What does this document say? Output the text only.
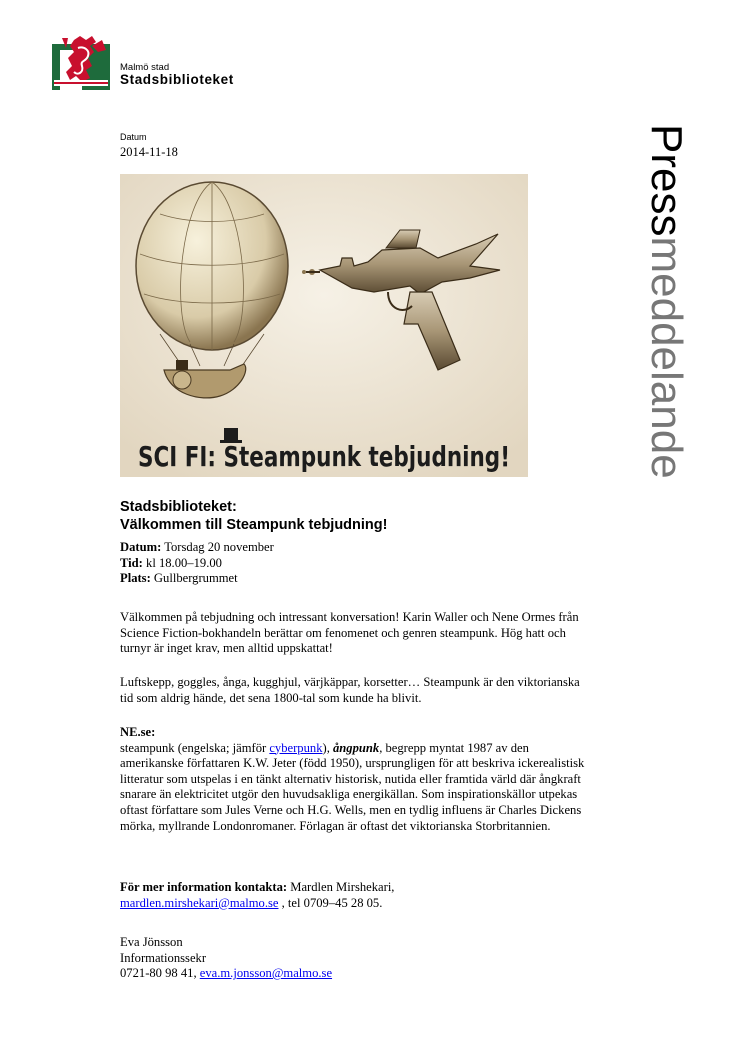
Malmö stad
Stadsbiblioteket
Datum
2014-11-18	Pressmeddelande
SCI FI: Steampunk tebjudning!
Stadsbiblioteket:
Välkommen till Steampunk tebjudning!

Datum: Torsdag 20 november

Tid: kl 18.00–19.00

Plats: Gullbergrummet

Välkommen på tebjudning och intressant konversation! Karin Waller och Nene Ormes från Science Fiction-bokhandeln berättar om fenomenet och genren steampunk. Hög hatt och turnyr är inget krav, men alltid uppskattat!
Luftskepp, goggles, ånga, kugghjul, värjkäppar, korsetter… Steampunk är den viktorianska tid som aldrig hände, det sena 1800-tal som kunde ha blivit.

NE.se:

steampunk (engelska; jämför cyberpunk), ångpunk, begrepp myntat 1987 av den amerikanske författaren K.W. Jeter (född 1950), ursprungligen för att beskriva ickerealistisk litteratur som utspelas i en tänkt alternativ historisk, nutida eller framtida värld där ångkraft snarare än elektricitet utgör den huvudsakliga energikällan. Som inspirationskällor utpekas oftast författare som Jules Verne och H.G. Wells, men en tydlig influens är Charles Dickens mörka, myllrande Londonromaner. Förlagan är oftast det viktorianska Storbritannien.

För mer information kontakta: Mardlen Mirshekari,

mardlen.mirshekari@malmo.se , tel 0709–45 28 05.

Eva Jönsson

Informationssekr

0721-80 98 41, eva.m.jonsson@malmo.se
